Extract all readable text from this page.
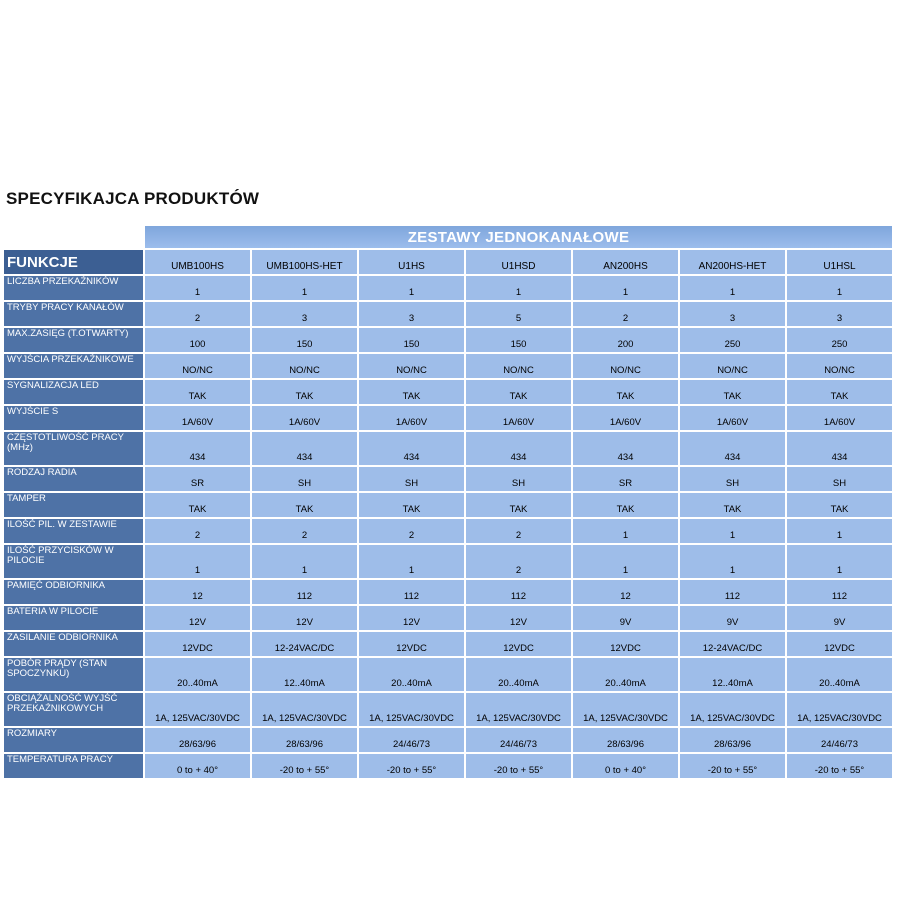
SPECYFIKAJCA PRODUKTÓW
	ZESTAWY JEDNOKANAŁOWE						
FUNKCJE	UMB100HS	UMB100HS-HET	U1HS	U1HSD	AN200HS	AN200HS-HET	U1HSL
LICZBA PRZEKAŹNIKÓW	1	1	1	1	1	1	1
TRYBY PRACY KANAŁÓW	2	3	3	5	2	3	3
MAX.ZASIĘG (T.OTWARTY)	100	150	150	150	200	250	250
WYJŚCIA PRZEKAŹNIKOWE	NO/NC	NO/NC	NO/NC	NO/NC	NO/NC	NO/NC	NO/NC
SYGNALIZACJA LED	TAK	TAK	TAK	TAK	TAK	TAK	TAK
WYJŚCIE S	1A/60V	1A/60V	1A/60V	1A/60V	1A/60V	1A/60V	1A/60V
CZĘSTOTLIWOŚĆ PRACY (MHz)	434	434	434	434	434	434	434
RODZAJ RADIA	SR	SH	SH	SH	SR	SH	SH
TAMPER	TAK	TAK	TAK	TAK	TAK	TAK	TAK
ILOŚĆ PIL. W ZESTAWIE	2	2	2	2	1	1	1
ILOŚĆ PRZYCISKÓW W PILOCIE	1	1	1	2	1	1	1
PAMIĘĆ ODBIORNIKA	12	112	112	112	12	112	112
BATERIA W PILOCIE	12V	12V	12V	12V	9V	9V	9V
ZASILANIE ODBIORNIKA	12VDC	12-24VAC/DC	12VDC	12VDC	12VDC	12-24VAC/DC	12VDC
POBÓR PRĄDY (STAN SPOCZYNKU)	20..40mA	12..40mA	20..40mA	20..40mA	20..40mA	12..40mA	20..40mA
OBCIĄŻALNOŚĆ WYJŚĆ PRZEKAŹNIKOWYCH	1A, 125VAC/30VDC	1A, 125VAC/30VDC	1A, 125VAC/30VDC	1A, 125VAC/30VDC	1A, 125VAC/30VDC	1A, 125VAC/30VDC	1A, 125VAC/30VDC
ROZMIARY	28/63/96	28/63/96	24/46/73	24/46/73	28/63/96	28/63/96	24/46/73
TEMPERATURA PRACY	0 to + 40°	-20 to + 55°	-20 to + 55°	-20 to + 55°	0 to + 40°	-20 to + 55°	-20 to + 55°
